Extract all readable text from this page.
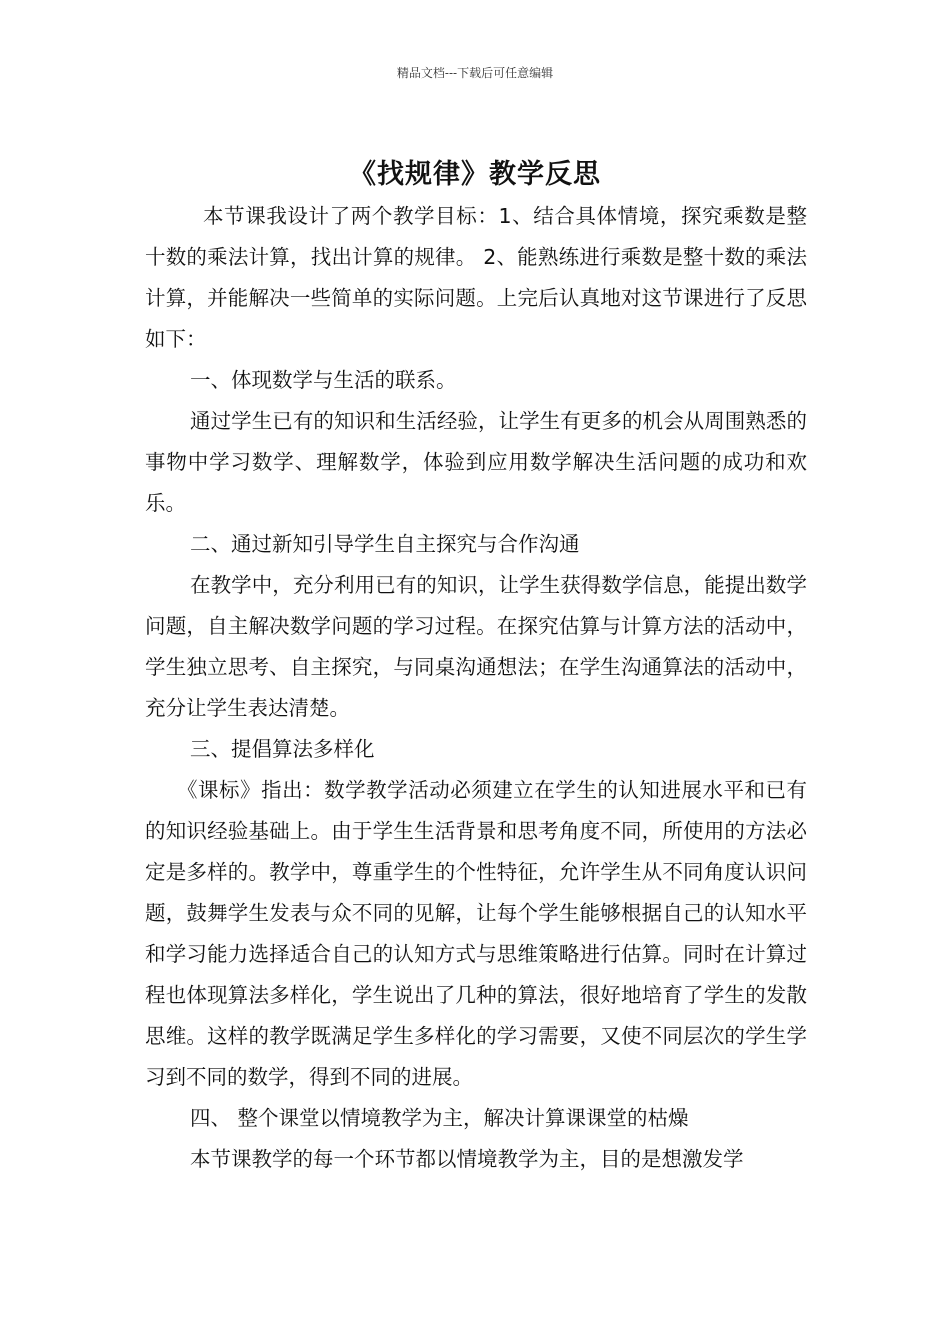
精品文档---下载后可任意编辑
《找规律》教学反思

本节课我设计了两个教学目标：1、结合具体情境，探究乘数是整十数的乘法计算，找出计算的规律。 2、能熟练进行乘数是整十数的乘法计算，并能解决一些简单的实际问题。上完后认真地对这节课进行了反思如下：

一、体现数学与生活的联系。

通过学生已有的知识和生活经验，让学生有更多的机会从周围熟悉的事物中学习数学、理解数学，体验到应用数学解决生活问题的成功和欢乐。

二、通过新知引导学生自主探究与合作沟通

在教学中，充分利用已有的知识，让学生获得数学信息，能提出数学问题，自主解决数学问题的学习过程。在探究估算与计算方法的活动中，学生独立思考、自主探究，与同桌沟通想法；在学生沟通算法的活动中，充分让学生表达清楚。

三、提倡算法多样化

《课标》指出：数学教学活动必须建立在学生的认知进展水平和已有的知识经验基础上。由于学生生活背景和思考角度不同，所使用的方法必定是多样的。教学中，尊重学生的个性特征，允许学生从不同角度认识问题，鼓舞学生发表与众不同的见解，让每个学生能够根据自己的认知水平和学习能力选择适合自己的认知方式与思维策略进行估算。同时在计算过程也体现算法多样化，学生说出了几种的算法，很好地培育了学生的发散思维。这样的教学既满足学生多样化的学习需要，又使不同层次的学生学习到不同的数学，得到不同的进展。

四、 整个课堂以情境教学为主，解决计算课课堂的枯燥

本节课教学的每一个环节都以情境教学为主，目的是想激发学
